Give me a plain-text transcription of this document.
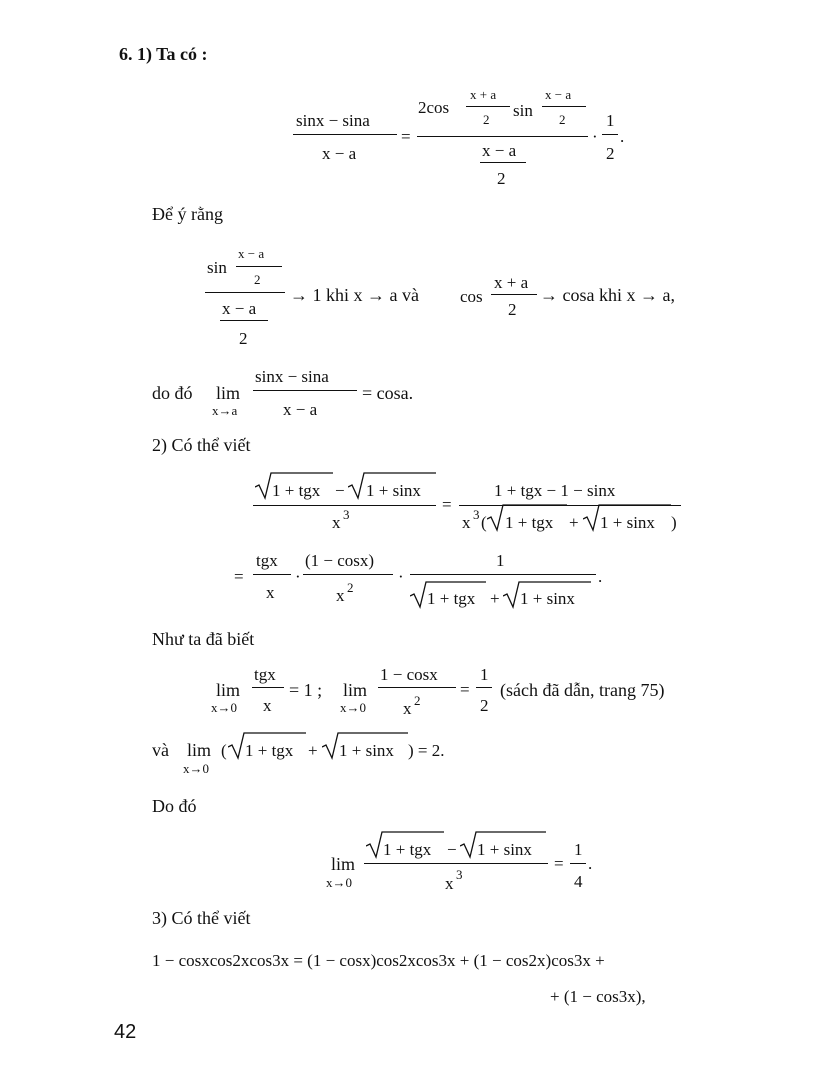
42
6. 1) Ta có :
sinx − sina
x − a
=
2cos
x + a
2 sin
x − a
2
x − a
2
·
1
2
.
Để ý rằng
sin
x − a
2
x − a
2
→ 1 khi x → a và cos
x + a
2
→ cosa khi x → a,
do đó lim
x→a
sinx − sina
x − a
= cosa.
2) Có thể viết
1 + tgx − 1 + sinx
x 3
=
1 + tgx − 1 − sinx
x 3 ( 1 + tgx + 1 + sinx )
=
tgx
x
·
(1 − cosx)
x 2
·
1
1 + tgx + 1 + sinx
.
Như ta đã biết
lim
x→0
tgx
x
= 1 ; lim
x→0
1 − cosx
x 2
=
1
2
(sách đã dẫn, trang 75)
và lim
x→0
( 1 + tgx + 1 + sinx ) = 2.
Do đó
lim
x→0
1 + tgx − 1 + sinx
x 3
=
1
4
.
3) Có thể viết
1 − cosxcos2xcos3x = (1 − cosx)cos2xcos3x + (1 − cos2x)cos3x +
+ (1 − cos3x),
